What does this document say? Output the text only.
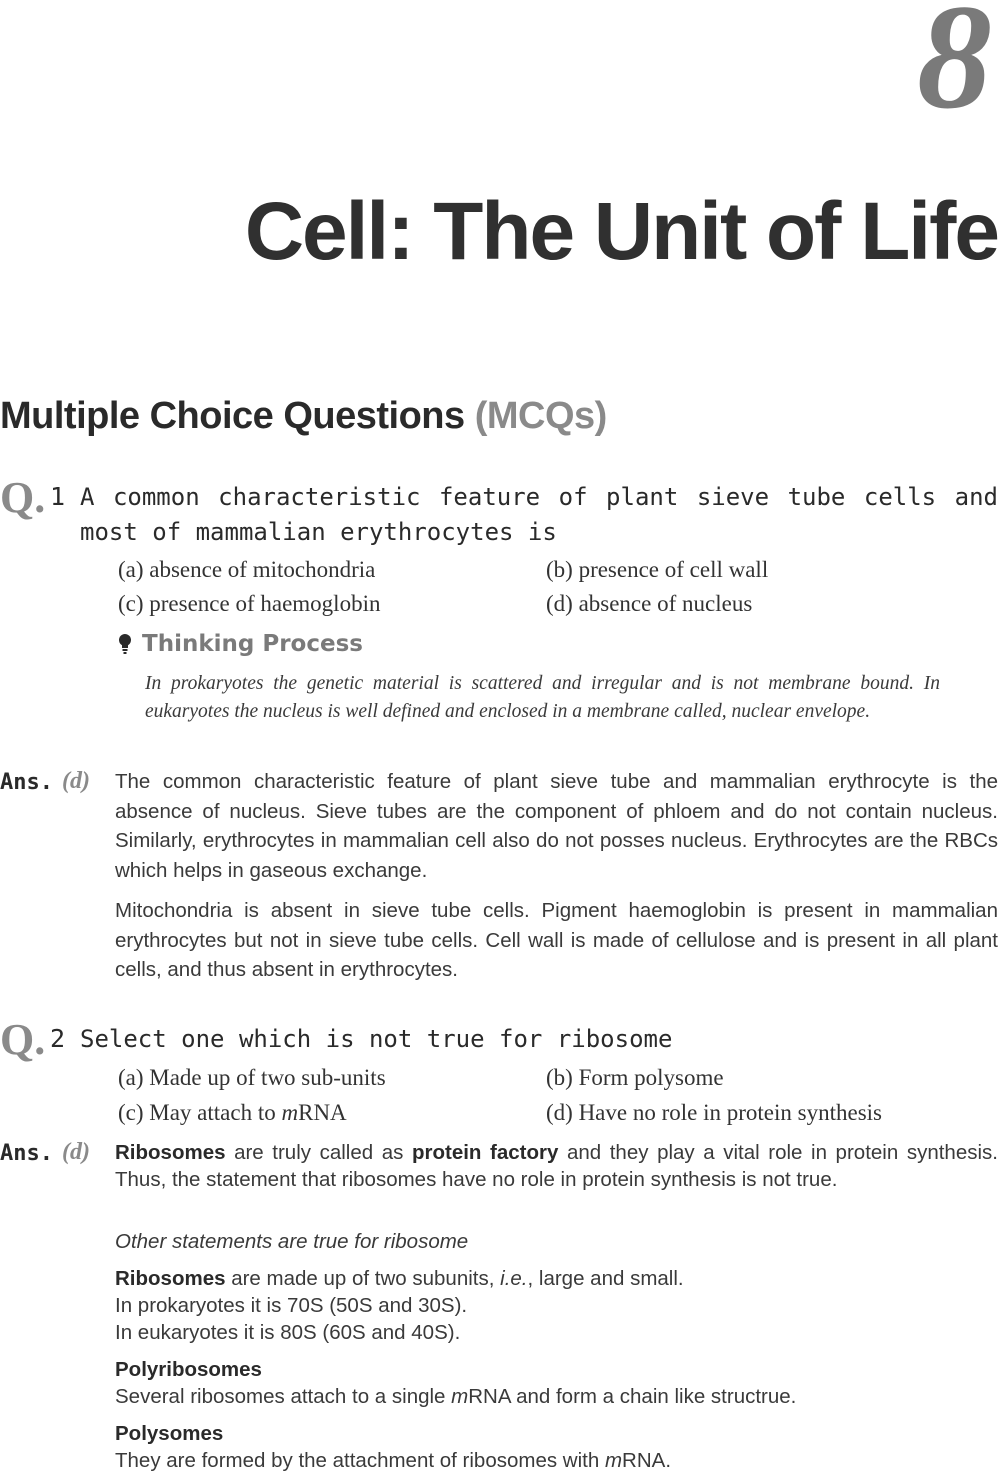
8
Cell: The Unit of Life
Multiple Choice Questions (MCQs)
Q. 1 A common characteristic feature of plant sieve tube cells and most of mammalian erythrocytes is
(a) absence of mitochondria	(b) presence of cell wall
(c) presence of haemoglobin	(d) absence of nucleus
Thinking Process
In prokaryotes the genetic material is scattered and irregular and is not membrane bound. In eukaryotes the nucleus is well defined and enclosed in a membrane called, nuclear envelope.
Ans. (d) The common characteristic feature of plant sieve tube and mammalian erythrocyte is the absence of nucleus. Sieve tubes are the component of phloem and do not contain nucleus. Similarly, erythrocytes in mammalian cell also do not posses nucleus. Erythrocytes are the RBCs which helps in gaseous exchange.
Mitochondria is absent in sieve tube cells. Pigment haemoglobin is present in mammalian erythrocytes but not in sieve tube cells. Cell wall is made of cellulose and is present in all plant cells, and thus absent in erythrocytes.
Q. 2 Select one which is not true for ribosome
(a) Made up of two sub-units	(b) Form polysome
(c) May attach to mRNA	(d) Have no role in protein synthesis
Ans. (d) Ribosomes are truly called as protein factory and they play a vital role in protein synthesis. Thus, the statement that ribosomes have no role in protein synthesis is not true.
Other statements are true for ribosome
Ribosomes are made up of two subunits, i.e., large and small.
In prokaryotes it is 70S (50S and 30S).
In eukaryotes it is 80S (60S and 40S).
Polyribosomes
Several ribosomes attach to a single mRNA and form a chain like structrue.
Polysomes
They are formed by the attachment of ribosomes with mRNA.
